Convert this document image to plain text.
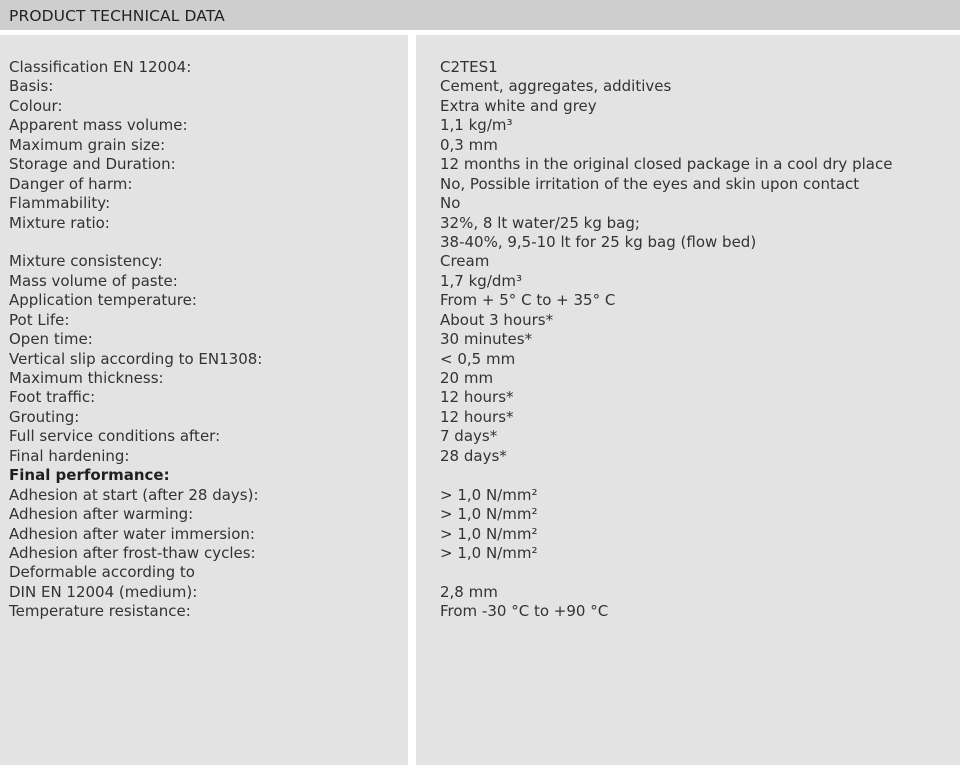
PRODUCT TECHNICAL DATA
Classification EN 12004:
Basis:
Colour:
Apparent mass volume:
Maximum grain size:
Storage and Duration:
Danger of harm:
Flammability:
Mixture ratio:
Mixture consistency:
Mass volume of paste:
Application temperature:
Pot Life:
Open time:
Vertical slip according to EN1308:
Maximum thickness:
Foot traffic:
Grouting:
Full service conditions after:
Final hardening:
Final performance:
Adhesion at start (after 28 days):
Adhesion after warming:
Adhesion after water immersion:
Adhesion after frost-thaw cycles:
Deformable according to
DIN EN 12004 (medium):
Temperature resistance:
C2TES1
Cement, aggregates, additives
Extra white and grey
1,1 kg/m³
0,3 mm
12 months in the original closed package in a cool dry place
No, Possible irritation of the eyes and skin upon contact
No
32%, 8 lt water/25 kg bag;
38-40%, 9,5-10 lt for 25 kg bag (flow bed)
Cream
1,7 kg/dm³
From + 5° C to + 35° C
About 3 hours*
30 minutes*
< 0,5 mm
20 mm
12 hours*
12 hours*
7 days*
28 days*
> 1,0 N/mm²
> 1,0 N/mm²
> 1,0 N/mm²
> 1,0 N/mm²
2,8 mm
From -30 °C to +90 °C
